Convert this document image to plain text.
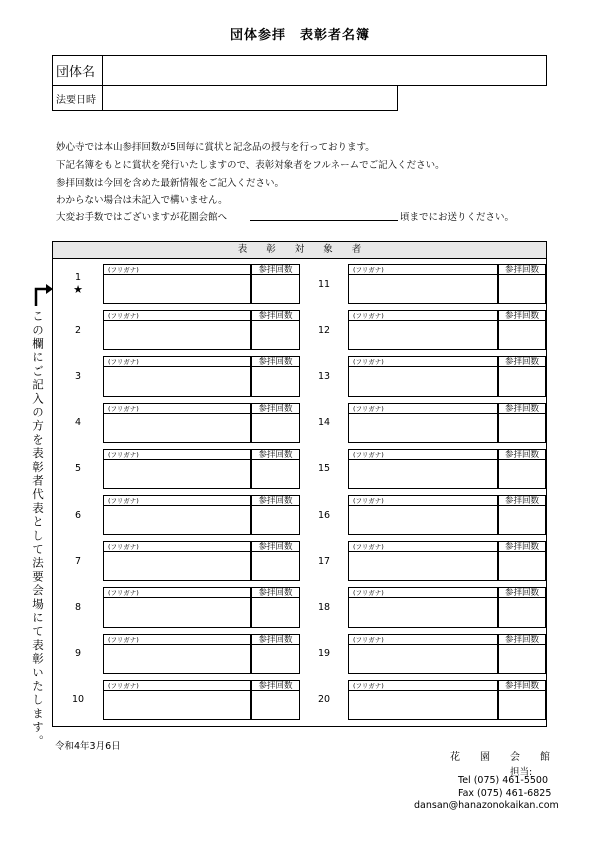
団体参拝　表彰者名簿
団体名
法要日時
妙心寺では本山参拝回数が5回毎に賞状と記念品の授与を行っております。
下記名簿をもとに賞状を発行いたしますので、表彰対象者をフルネームでご記入ください。
参拝回数は今回を含めた最新情報をご記入ください。
わからない場合は未記入で構いません。
大変お手数ではございますが花園会館へ	頃までにお送りください。
表　　彰　　対　　象　　者
1
★
(フリガナ)	参拝回数
11
(フリガナ)	参拝回数
2
(フリガナ)	参拝回数
12
(フリガナ)	参拝回数
3
(フリガナ)	参拝回数
13
(フリガナ)	参拝回数
4
(フリガナ)	参拝回数
14
(フリガナ)	参拝回数
5
(フリガナ)	参拝回数
15
(フリガナ)	参拝回数
6
(フリガナ)	参拝回数
16
(フリガナ)	参拝回数
7
(フリガナ)	参拝回数
17
(フリガナ)	参拝回数
8
(フリガナ)	参拝回数
18
(フリガナ)	参拝回数
9
(フリガナ)	参拝回数
19
(フリガナ)	参拝回数
10
(フリガナ)	参拝回数
20
(フリガナ)	参拝回数
この欄にご記入の方を表彰者代表として法要会場にて表彰いたします。 令和4年3月6日
花　　園　　会　　館
担当:
Tel (075) 461-5500
Fax (075) 461-6825
dansan@hanazonokaikan.com
